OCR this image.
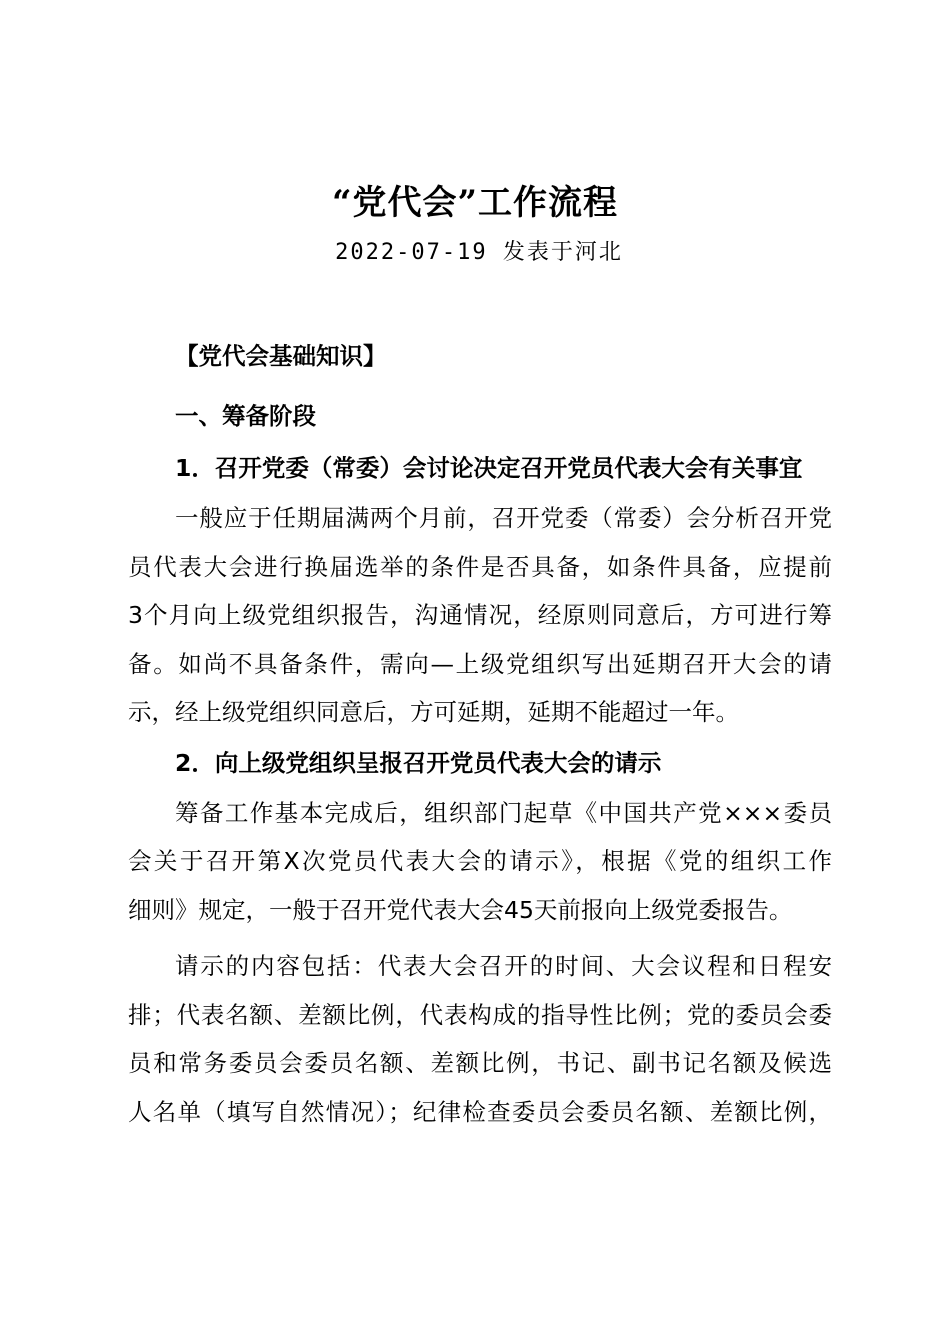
“党代会”工作流程
2022-07-19 发表于河北
【党代会基础知识】
一、筹备阶段
1．召开党委（常委）会讨论决定召开党员代表大会有关事宜
一般应于任期届满两个月前，召开党委（常委）会分析召开党
员代表大会进行换届选举的条件是否具备，如条件具备，应提前
3个月向上级党组织报告，沟通情况，经原则同意后，方可进行筹
备。如尚不具备条件，需向—上级党组织写出延期召开大会的请
示，经上级党组织同意后，方可延期，延期不能超过一年。
2．向上级党组织呈报召开党员代表大会的请示
筹备工作基本完成后，组织部门起草《中国共产党×××委员
会关于召开第X次党员代表大会的请示》，根据《党的组织工作
细则》规定，一般于召开党代表大会45天前报向上级党委报告。
请示的内容包括：代表大会召开的时间、大会议程和日程安
排；代表名额、差额比例，代表构成的指导性比例；党的委员会委
员和常务委员会委员名额、差额比例，书记、副书记名额及候选
人名单（填写自然情况）；纪律检查委员会委员名额、差额比例，
